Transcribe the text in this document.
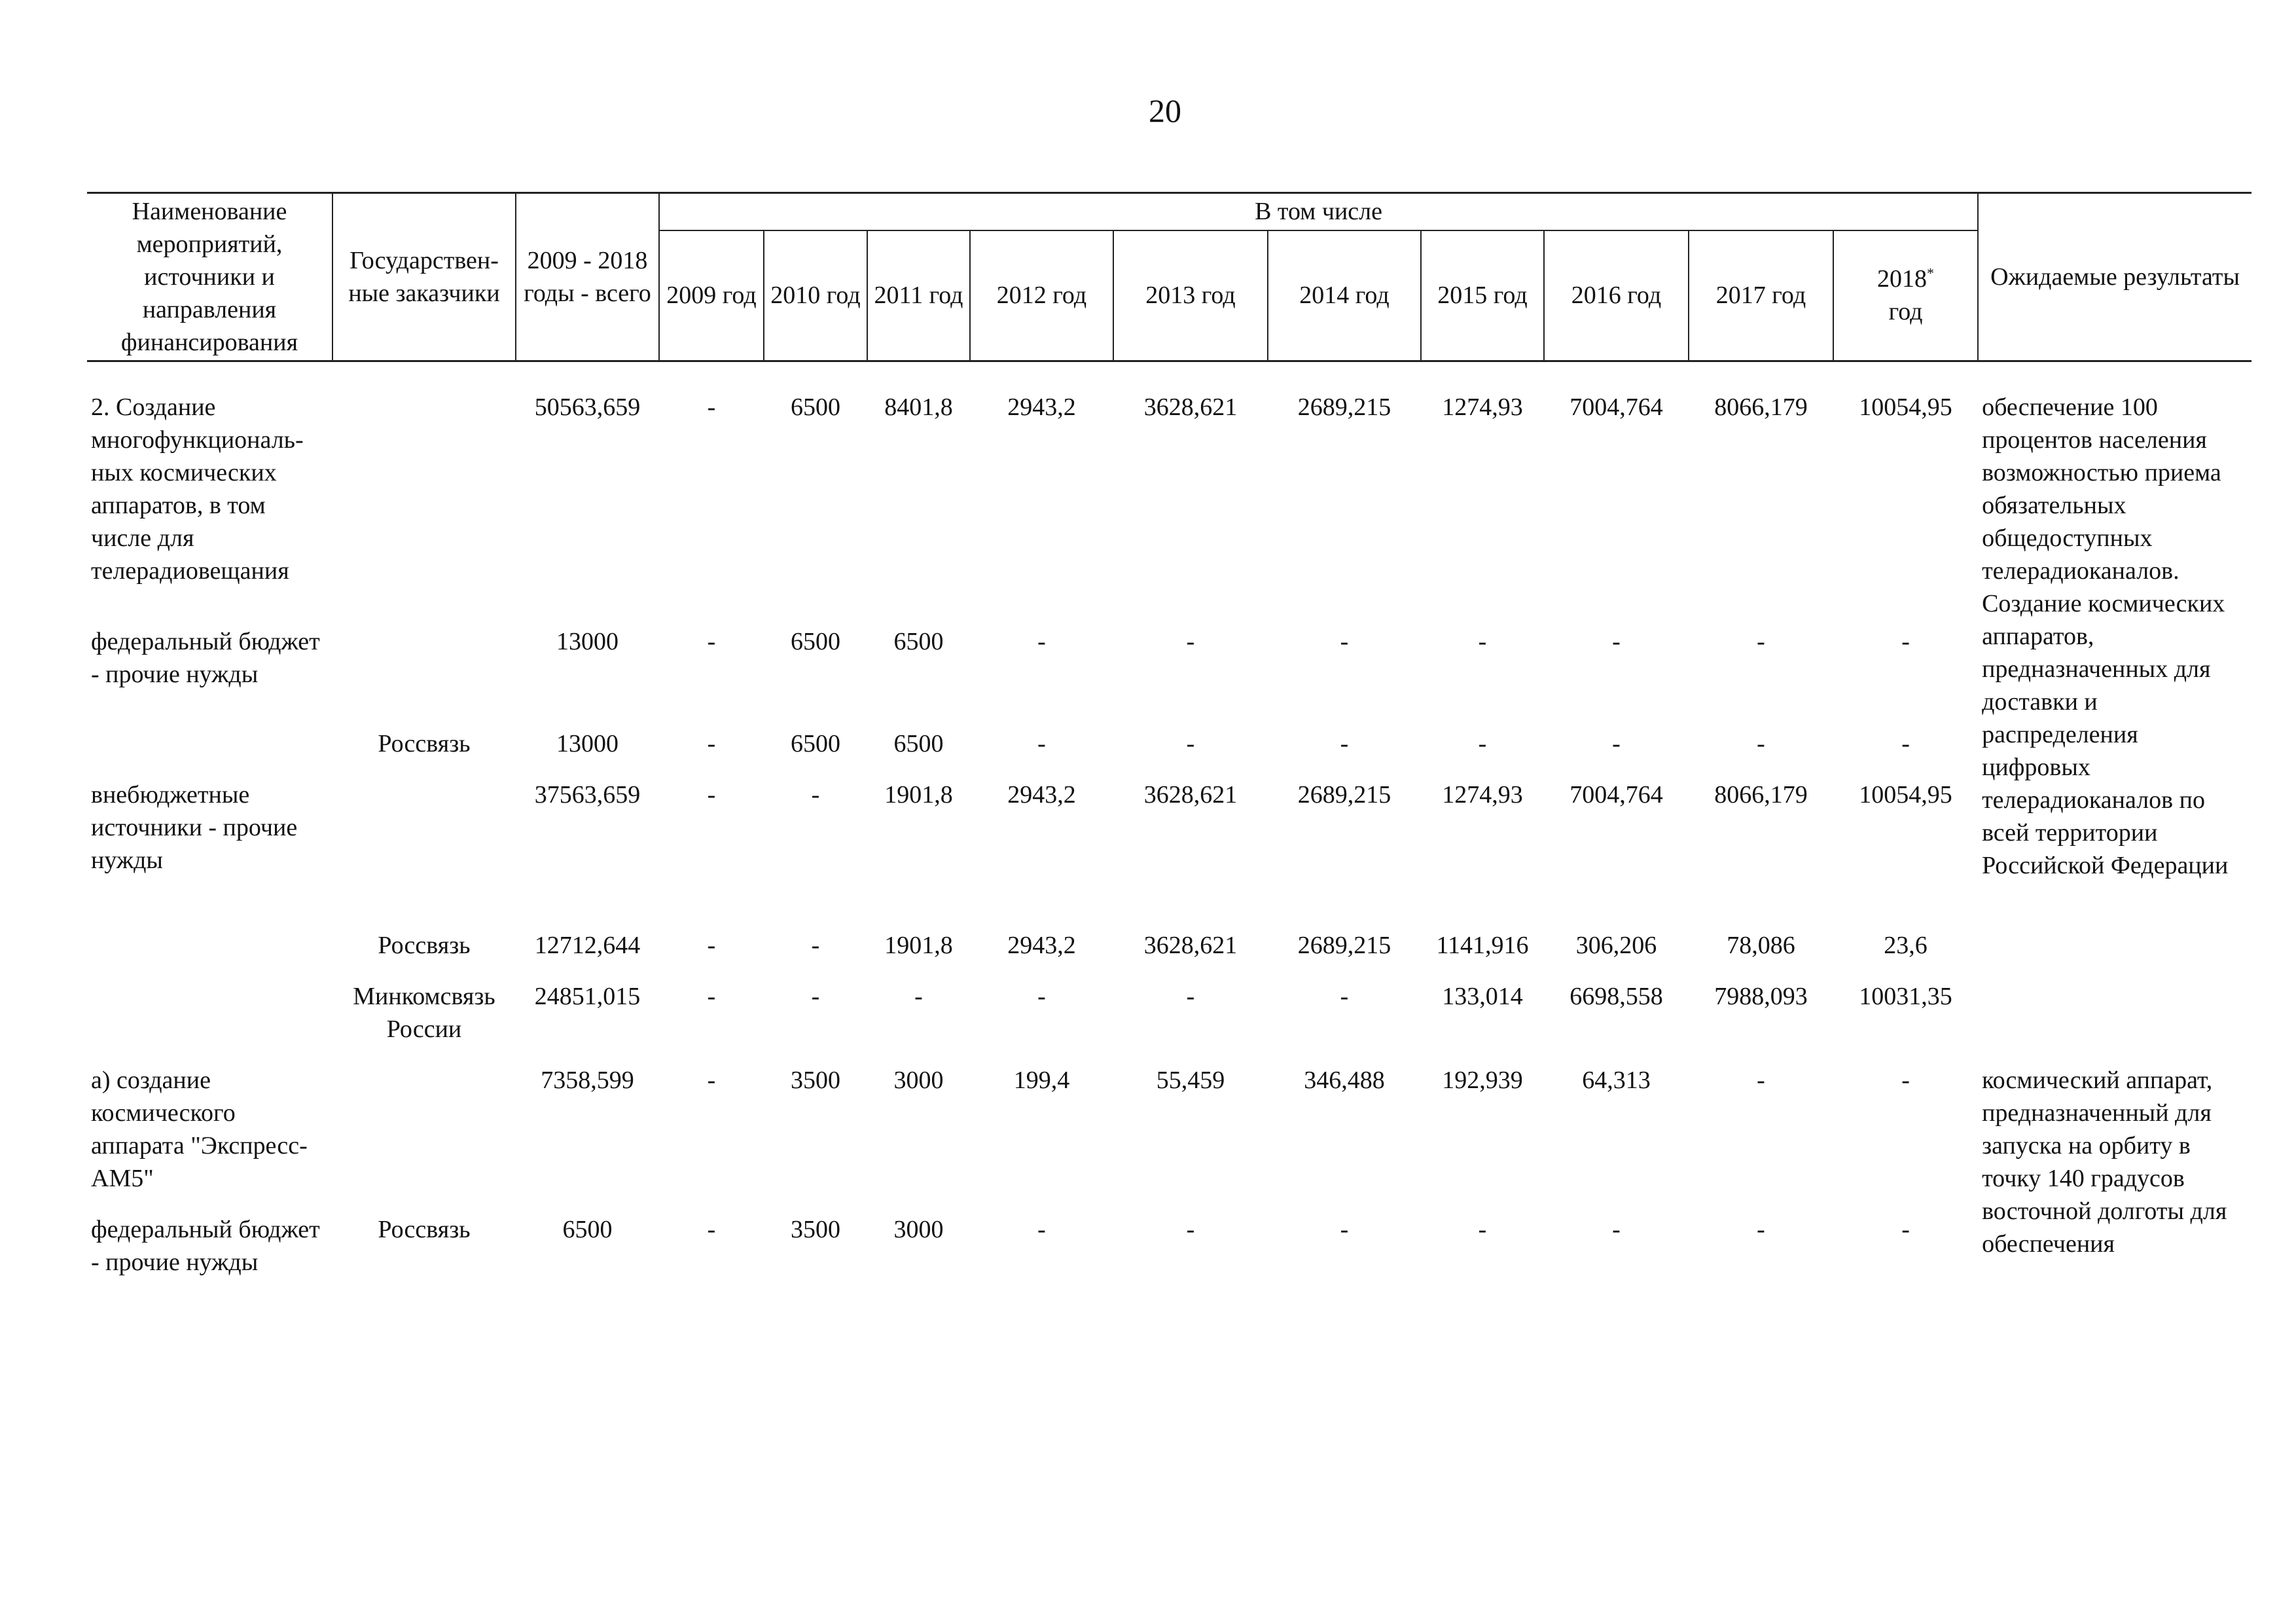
20
Наименование мероприятий, источники и направления финансирования	Государствен-ные заказчики	2009 - 2018 годы - всего	В том числе										Ожидаемые результаты
			2009 год	2010 год	2011 год	2012 год	2013 год	2014 год	2015 год	2016 год	2017 год	2018*
год	

2. Создание многофункциональ-ных космических аппаратов, в том числе для телерадиовещания		50563,659	-	6500	8401,8	2943,2	3628,621	2689,215	1274,93	7004,764	8066,179	10054,95	обеспечение 100 процентов населения возможностью приема обязательных общедоступных телерадиоканалов. Создание космических аппаратов, предназначенных для доставки и распределения цифровых телерадиоканалов по всей территории Российской Федерации
федеральный бюджет - прочие нужды		13000	-	6500	6500	-	-	-	-	-	-	-	
	Россвязь	13000	-	6500	6500	-	-	-	-	-	-	-	
внебюджетные источники - прочие нужды		37563,659	-	-	1901,8	2943,2	3628,621	2689,215	1274,93	7004,764	8066,179	10054,95	
	Россвязь	12712,644	-	-	1901,8	2943,2	3628,621	2689,215	1141,916	306,206	78,086	23,6	
	Минкомсвязь России	24851,015	-	-	-	-	-	-	133,014	6698,558	7988,093	10031,35	
а) создание космического аппарата "Экспресс-АМ5"		7358,599	-	3500	3000	199,4	55,459	346,488	192,939	64,313	-	-	космический аппарат, предназначенный для запуска на орбиту в точку 140 градусов восточной долготы для обеспечения
федеральный бюджет - прочие нужды	Россвязь	6500	-	3500	3000	-	-	-	-	-	-	-	
